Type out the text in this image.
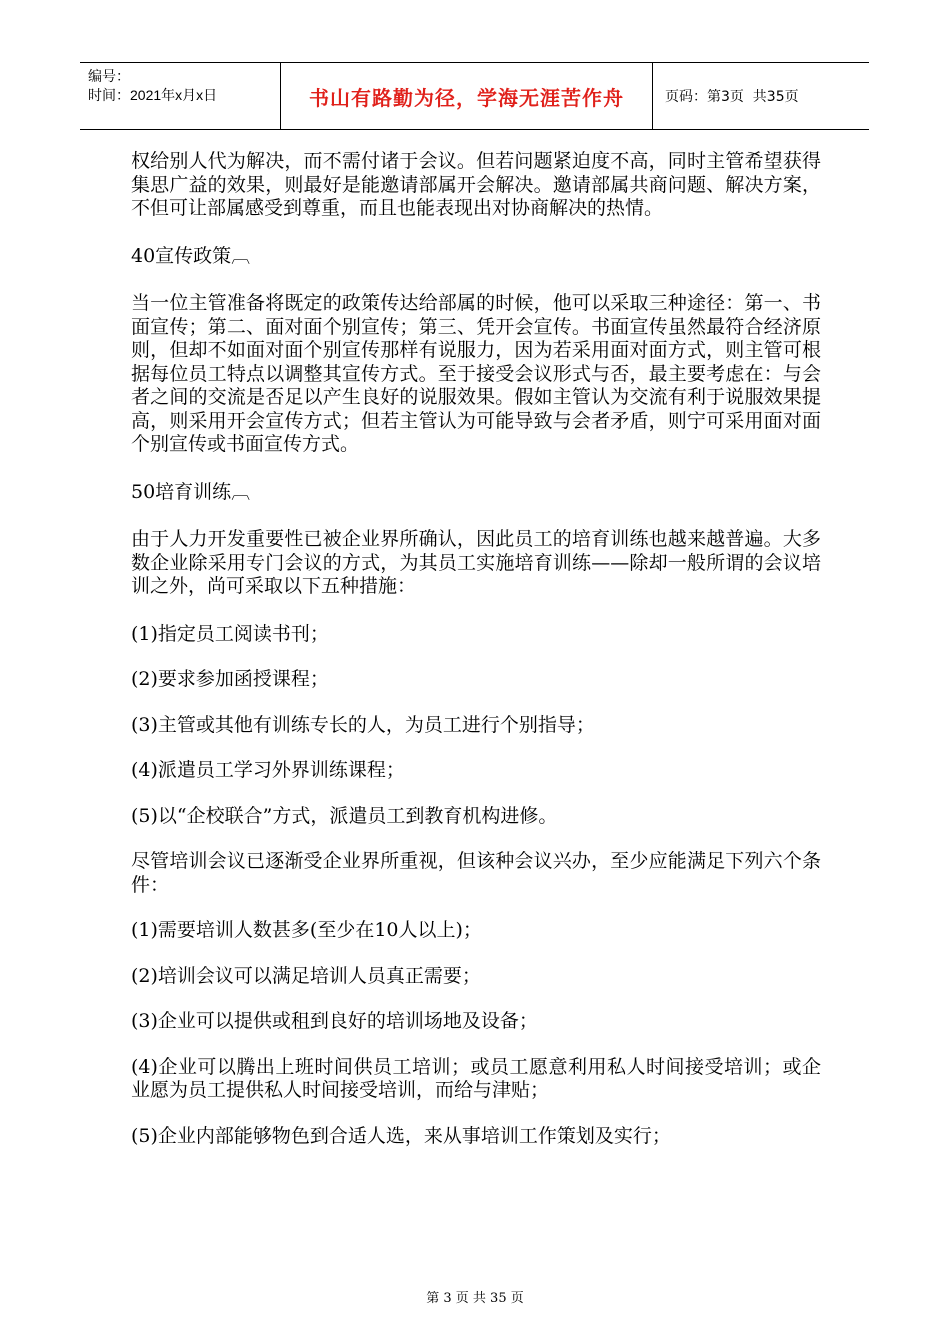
编号：
时间：2021年x月x日	书山有路勤为径，学海无涯苦作舟	页码：第3页  共35页

权给别人代为解决，而不需付诸于会议。但若问题紧迫度不高，同时主管希望获得集思广益的效果，则最好是能邀请部属开会解决。邀请部属共商问题、解决方案，不但可让部属感受到尊重，而且也能表现出对协商解决的热情。

40宣传政策︹

当一位主管准备将既定的政策传达给部属的时候，他可以采取三种途径：第一、书面宣传；第二、面对面个别宣传；第三、凭开会宣传。书面宣传虽然最符合经济原则，但却不如面对面个别宣传那样有说服力，因为若采用面对面方式，则主管可根据每位员工特点以调整其宣传方式。至于接受会议形式与否，最主要考虑在：与会者之间的交流是否足以产生良好的说服效果。假如主管认为交流有利于说服效果提高，则采用开会宣传方式；但若主管认为可能导致与会者矛盾，则宁可采用面对面个别宣传或书面宣传方式。

50培育训练︹

由于人力开发重要性已被企业界所确认，因此员工的培育训练也越来越普遍。大多数企业除采用专门会议的方式，为其员工实施培育训练——除却一般所谓的会议培训之外，尚可采取以下五种措施：

(1)指定员工阅读书刊；

(2)要求参加函授课程；

(3)主管或其他有训练专长的人，为员工进行个别指导；

(4)派遣员工学习外界训练课程；

(5)以“企校联合”方式，派遣员工到教育机构进修。

尽管培训会议已逐渐受企业界所重视，但该种会议兴办，至少应能满足下列六个条件：

(1)需要培训人数甚多(至少在10人以上)；

(2)培训会议可以满足培训人员真正需要；

(3)企业可以提供或租到良好的培训场地及设备；

(4)企业可以腾出上班时间供员工培训；或员工愿意利用私人时间接受培训；或企业愿为员工提供私人时间接受培训，而给与津贴；

(5)企业内部能够物色到合适人选，来从事培训工作策划及实行；

第 3 页 共 35 页
